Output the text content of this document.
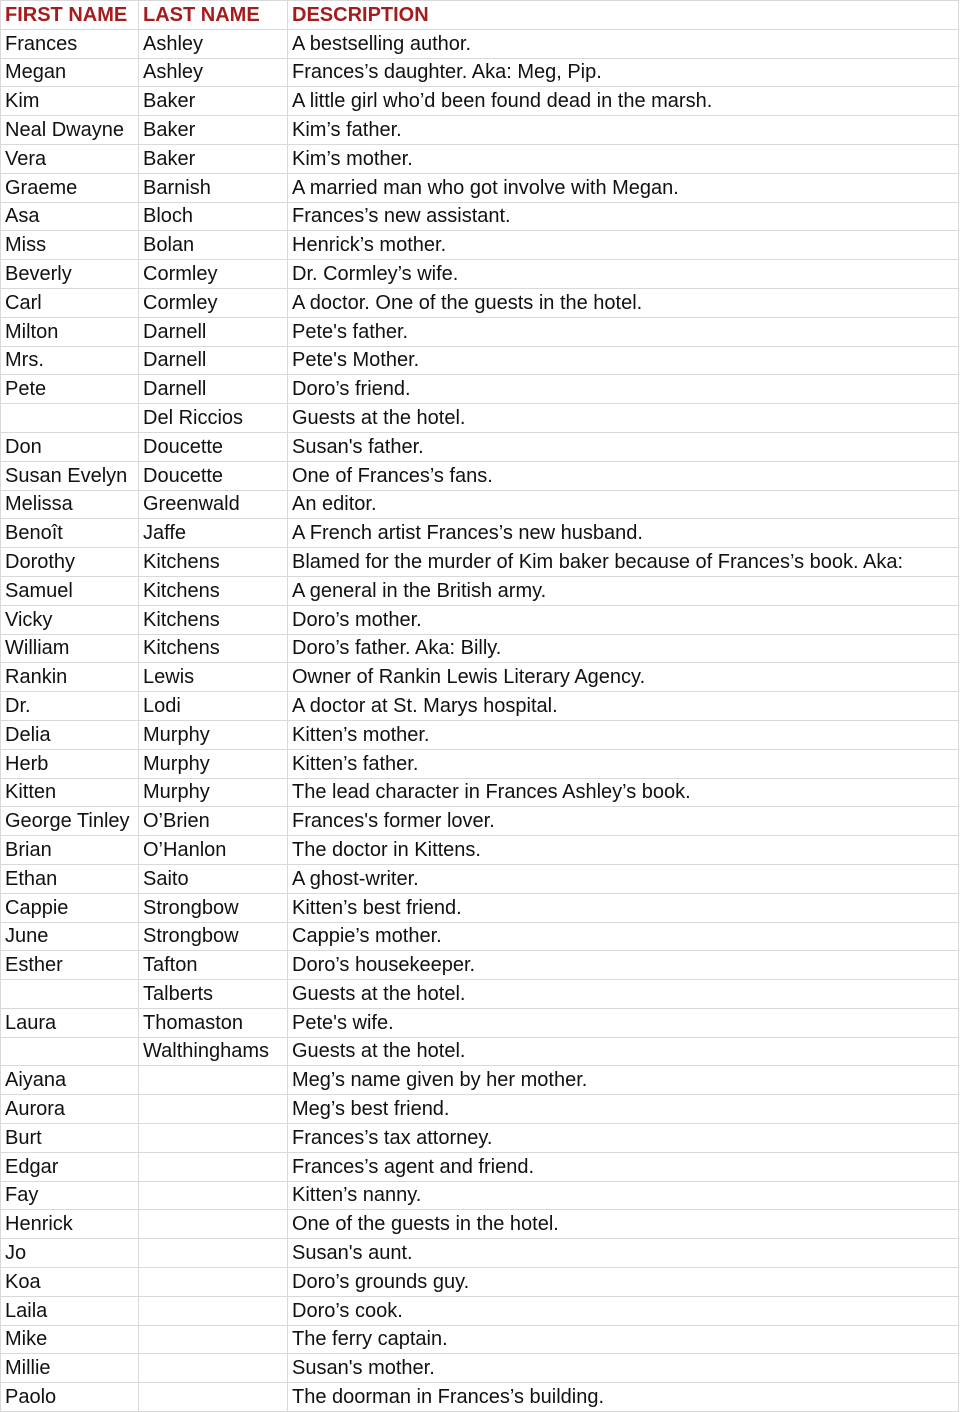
FIRST NAME	LAST NAME	DESCRIPTION
Frances	Ashley	A bestselling author.
Megan	Ashley	Frances’s daughter. Aka: Meg, Pip.
Kim	Baker	A little girl who’d been found dead in the marsh.
Neal Dwayne	Baker	Kim’s father.
Vera	Baker	Kim’s mother.
Graeme	Barnish	A married man who got involve with Megan.
Asa	Bloch	Frances’s new assistant.
Miss	Bolan	Henrick’s mother.
Beverly	Cormley	Dr. Cormley’s wife.
Carl	Cormley	A doctor. One of the guests in the hotel.
Milton	Darnell	Pete's father.
Mrs.	Darnell	Pete's Mother.
Pete	Darnell	Doro’s friend.
	Del Riccios	Guests at the hotel.
Don	Doucette	Susan's father.
Susan Evelyn	Doucette	One of Frances’s fans.
Melissa	Greenwald	An editor.
Benoît	Jaffe	A French artist Frances’s new husband.
Dorothy	Kitchens	Blamed for the murder of Kim baker because of Frances’s book. Aka:
Samuel	Kitchens	A general in the British army.
Vicky	Kitchens	Doro’s mother.
William	Kitchens	Doro’s father. Aka: Billy.
Rankin	Lewis	Owner of Rankin Lewis Literary Agency.
Dr.	Lodi	A doctor at St. Marys hospital.
Delia	Murphy	Kitten’s mother.
Herb	Murphy	Kitten’s father.
Kitten	Murphy	The lead character in Frances Ashley’s book.
George Tinley	O’Brien	Frances's former lover.
Brian	O’Hanlon	The doctor in Kittens.
Ethan	Saito	A ghost-writer.
Cappie	Strongbow	Kitten’s best friend.
June	Strongbow	Cappie’s mother.
Esther	Tafton	Doro’s housekeeper.
	Talberts	Guests at the hotel.
Laura	Thomaston	Pete's wife.
	Walthinghams	Guests at the hotel.
Aiyana		Meg’s name given by her mother.
Aurora		Meg’s best friend.
Burt		Frances’s tax attorney.
Edgar		Frances’s agent and friend.
Fay		Kitten’s nanny.
Henrick		One of the guests in the hotel.
Jo		Susan's aunt.
Koa		Doro’s grounds guy.
Laila		Doro’s cook.
Mike		The ferry captain.
Millie		Susan's mother.
Paolo		The doorman in Frances’s building.
